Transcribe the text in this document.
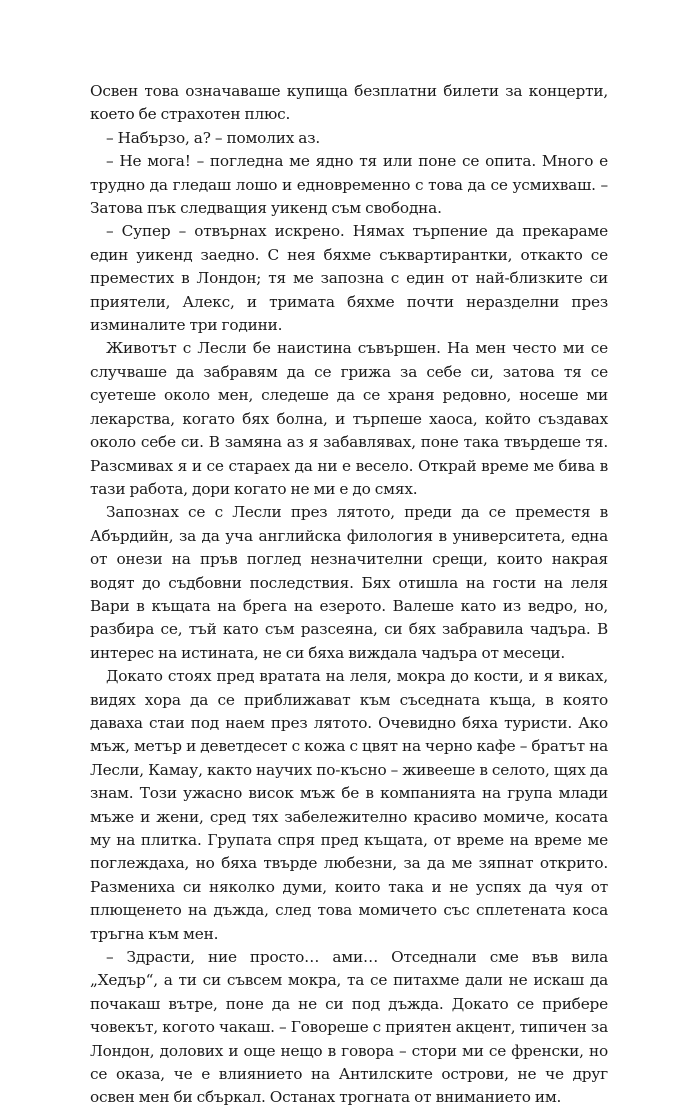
Освен това означаваше купища безплатни билети за концерти, което бе страхотен плюс.

– Набързо, а? – помолих аз.

– Не мога! – погледна ме ядно тя или поне се опита. Много е трудно да гледаш лошо и едновременно с това да се усмихваш. – Затова пък следващия уикенд съм свободна.

– Супер – отвърнах искрено. Нямах търпение да прекараме един уикенд заедно. С нея бяхме съквартирантки, откакто се преместих в Лондон; тя ме запозна с един от най-близките си приятели, Алекс, и тримата бяхме почти неразделни през изминалите три години.

Животът с Лесли бе наистина съвършен. На мен често ми се случваше да забравям да се грижа за себе си, затова тя се суетеше около мен, следеше да се храня редовно, носеше ми лекарства, когато бях болна, и търпеше хаоса, който създавах около себе си. В замяна аз я забавлявах, поне така твърдеше тя. Разсмивах я и се стараех да ни е весело. Открай време ме бива в тази работа, дори когато не ми е до смях.

Запознах се с Лесли през лятото, преди да се преместя в Абърдийн, за да уча английска филология в университета, една от онези на пръв поглед незначителни срещи, които накрая водят до съдбовни последствия. Бях отишла на гости на леля Вари в къщата на брега на езерото. Валеше като из ведро, но, разбира се, тъй като съм разсеяна, си бях забравила чадъра. В интерес на истината, не си бяха виждала чадъра от месеци.

Докато стоях пред вратата на леля, мокра до кости, и я виках, видях хора да се приближават към съседната къща, в която даваха стаи под наем през лятото. Очевидно бяха туристи. Ако мъж, метър и деветдесет с кожа с цвят на черно кафе – братът на Лесли, Камау, както научих по-късно – живееше в селото, щях да знам. Този ужасно висок мъж бе в компанията на група млади мъже и жени, сред тях забележително красиво момиче, косата му на плитка. Групата спря пред къщата, от време на време ме поглеждаха, но бяха твърде любезни, за да ме зяпнат открито. Размениха си няколко думи, които така и не успях да чуя от плющенето на дъжда, след това момичето със сплетената коса тръгна към мен.

– Здрасти, ние просто… ами… Отседнали сме във вила „Хедър“, а ти си съвсем мокра, та се питахме дали не искаш да почакаш вътре, поне да не си под дъжда. Докато се прибере човекът, когото чакаш. – Говореше с приятен акцент, типичен за Лондон, долових и още нещо в говора – стори ми се френски, но се оказа, че е влиянието на Антилските острови, не че друг освен мен би сбъркал. Останах трогната от вниманието им.
